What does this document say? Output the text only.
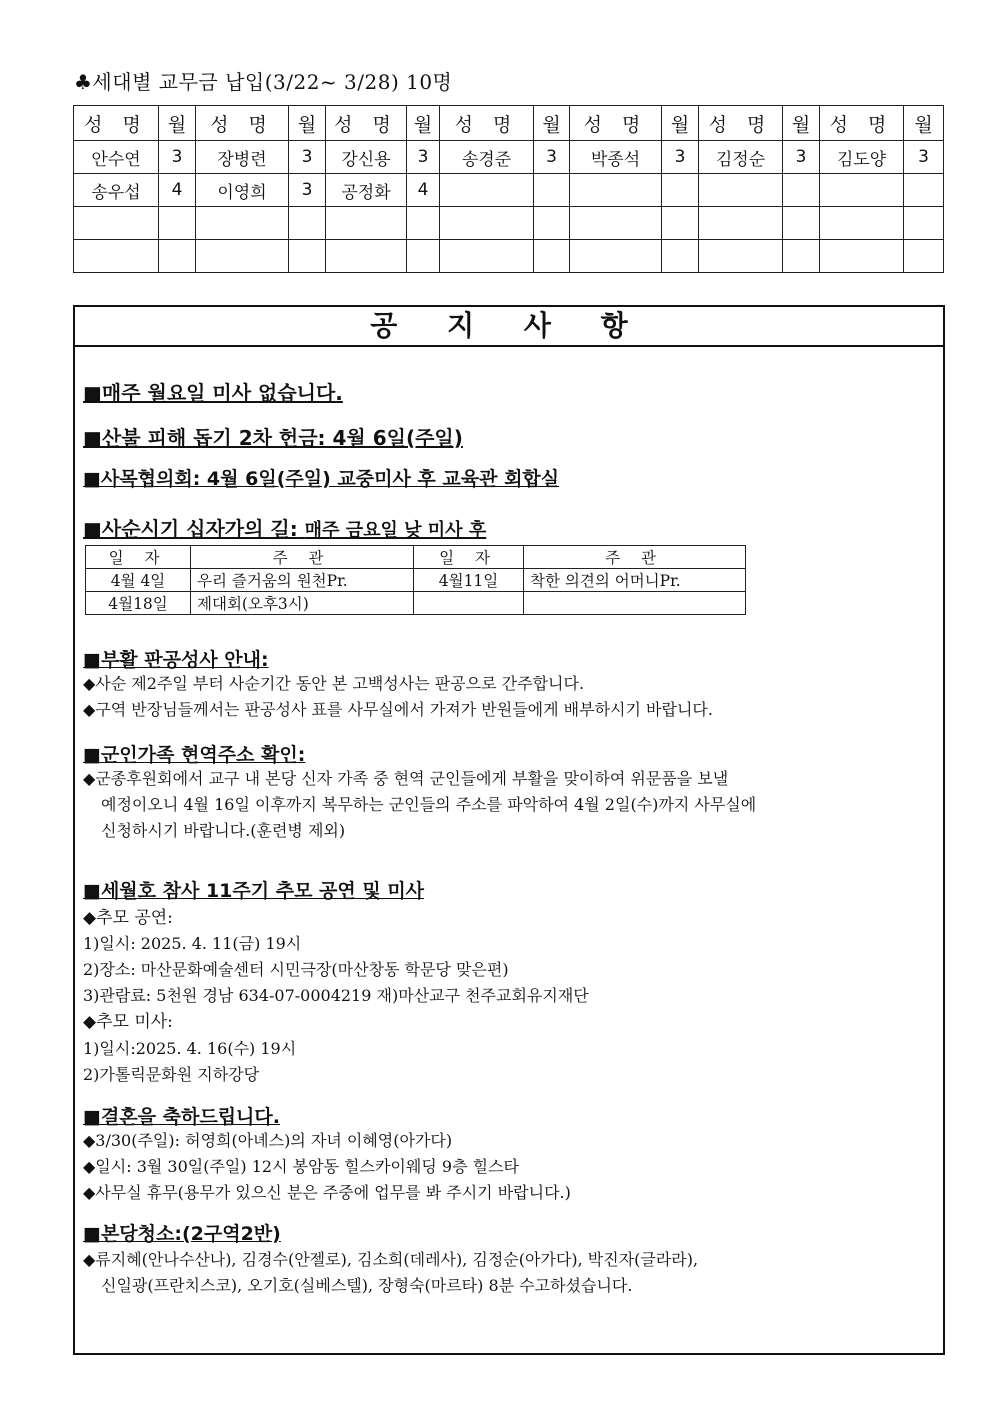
♣세대별 교무금 납입(3/22~ 3/28) 10명
성 명	월	성 명	월	성 명	월	성 명	월	성 명	월	성 명	월	성 명	월
안수연	3	장병련	3	강신용	3	송경준	3	박종석	3	김정순	3	김도양	3
송우섭	4	이영희	3	공정화	4								

공 지 사 항
■매주 월요일 미사 없습니다.
■산불 피해 돕기 2차 헌금: 4월 6일(주일)
■사목협의회: 4월 6일(주일) 교중미사 후 교육관 회합실
■사순시기 십자가의 길: 매주 금요일 낮 미사 후
일 자	주 관	일 자	주 관
4월 4일	우리 즐거움의 원천Pr.	4월11일	착한 의견의 어머니Pr.
4월18일	제대회(오후3시)		
■부활 판공성사 안내:
◆사순 제2주일 부터 사순기간 동안 본 고백성사는 판공으로 간주합니다.
◆구역 반장님들께서는 판공성사 표를 사무실에서 가져가 반원들에게 배부하시기 바랍니다.
■군인가족 현역주소 확인:
◆군종후원회에서 교구 내 본당 신자 가족 중 현역 군인들에게 부활을 맞이하여 위문품을 보낼
예정이오니 4월 16일 이후까지 복무하는 군인들의 주소를 파악하여 4월 2일(수)까지 사무실에
신청하시기 바랍니다.(훈련병 제외)
■세월호 참사 11주기 추모 공연 및 미사
◆추모 공연:
1)일시: 2025. 4. 11(금) 19시
2)장소: 마산문화예술센터 시민극장(마산창동 학문당 맞은편)
3)관람료: 5천원 경남 634-07-0004219 재)마산교구 천주교회유지재단
◆추모 미사:
1)일시:2025. 4. 16(수) 19시
2)가톨릭문화원 지하강당
■결혼을 축하드립니다.
◆3/30(주일): 허영희(아녜스)의 자녀 이혜영(아가다)
◆일시: 3월 30일(주일) 12시 봉암동 힐스카이웨딩 9층 힐스타
◆사무실 휴무(용무가 있으신 분은 주중에 업무를 봐 주시기 바랍니다.)
■본당청소:(2구역2반)
◆류지혜(안나수산나), 김경수(안젤로), 김소희(데레사), 김정순(아가다), 박진자(글라라),
신일광(프란치스코), 오기호(실베스텔), 장형숙(마르타) 8분 수고하셨습니다.
